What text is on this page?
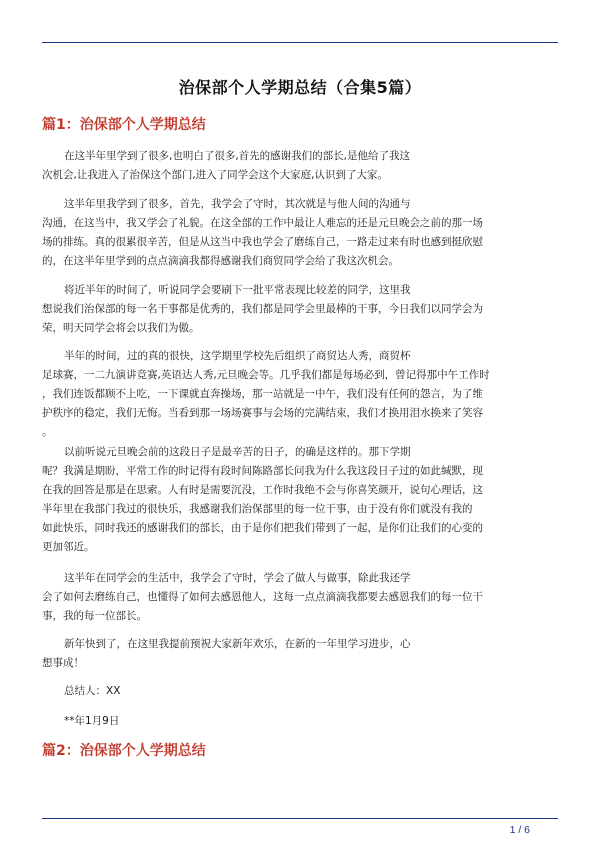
治保部个人学期总结（合集5篇）
篇1：治保部个人学期总结
在这半年里学到了很多,也明白了很多,首先的感谢我们的部长,是他给了我这
次机会,让我进入了治保这个部门,进入了同学会这个大家庭,认识到了大家。
这半年里我学到了很多，首先，我学会了守时，其次就是与他人间的沟通与
沟通，在这当中，我又学会了礼貌。在这全部的工作中最让人难忘的还是元旦晚会之前的那一场
场的排练。真的很累很辛苦，但是从这当中我也学会了磨练自己，一路走过来有时也感到挺欣慰
的，在这半年里学到的点点滴滴我都得感谢我们商贸同学会给了我这次机会。
将近半年的时间了，听说同学会要刷下一批平常表现比较差的同学，这里我
想说我们治保部的每一名干事都是优秀的，我们都是同学会里最棒的干事，今日我们以同学会为
荣，明天同学会将会以我们为傲。
半年的时间，过的真的很快，这学期里学校先后组织了商贸达人秀，商贸杯
足球赛，一二九演讲竞赛,英语达人秀,元旦晚会等。几乎我们都是每场必到，曾记得那中午工作时
，我们连饭都顾不上吃，一下课就直奔操场，那一站就是一中午，我们没有任何的怨言，为了维
护秩序的稳定，我们无悔。当看到那一场场赛事与会场的完满结束，我们才换用泪水换来了笑容
。
以前听说元旦晚会前的这段日子是最辛苦的日子，的确是这样的。那下学期
呢？我满是期盼，平常工作的时记得有段时间陈路部长问我为什么我这段日子过的如此缄默，现
在我的回答是那是在思索。人有时是需要沉没，工作时我绝不会与你喜笑颜开，说句心理话，这
半年里在我部门我过的很快乐，我感谢我们治保部里的每一位干事，由于没有你们就没有我的
如此快乐，同时我还的感谢我们的部长，由于是你们把我们带到了一起，是你们让我们的心变的
更加邻近。
这半年在同学会的生活中，我学会了守时，学会了做人与做事，除此我还学
会了如何去磨练自己，也懂得了如何去感恩他人，这每一点点滴滴我都要去感恩我们的每一位干
事，我的每一位部长。
新年快到了，在这里我提前预祝大家新年欢乐，在新的一年里学习进步，心
想事成！
总结人：XX
**年1月9日
篇2：治保部个人学期总结
1 / 6
